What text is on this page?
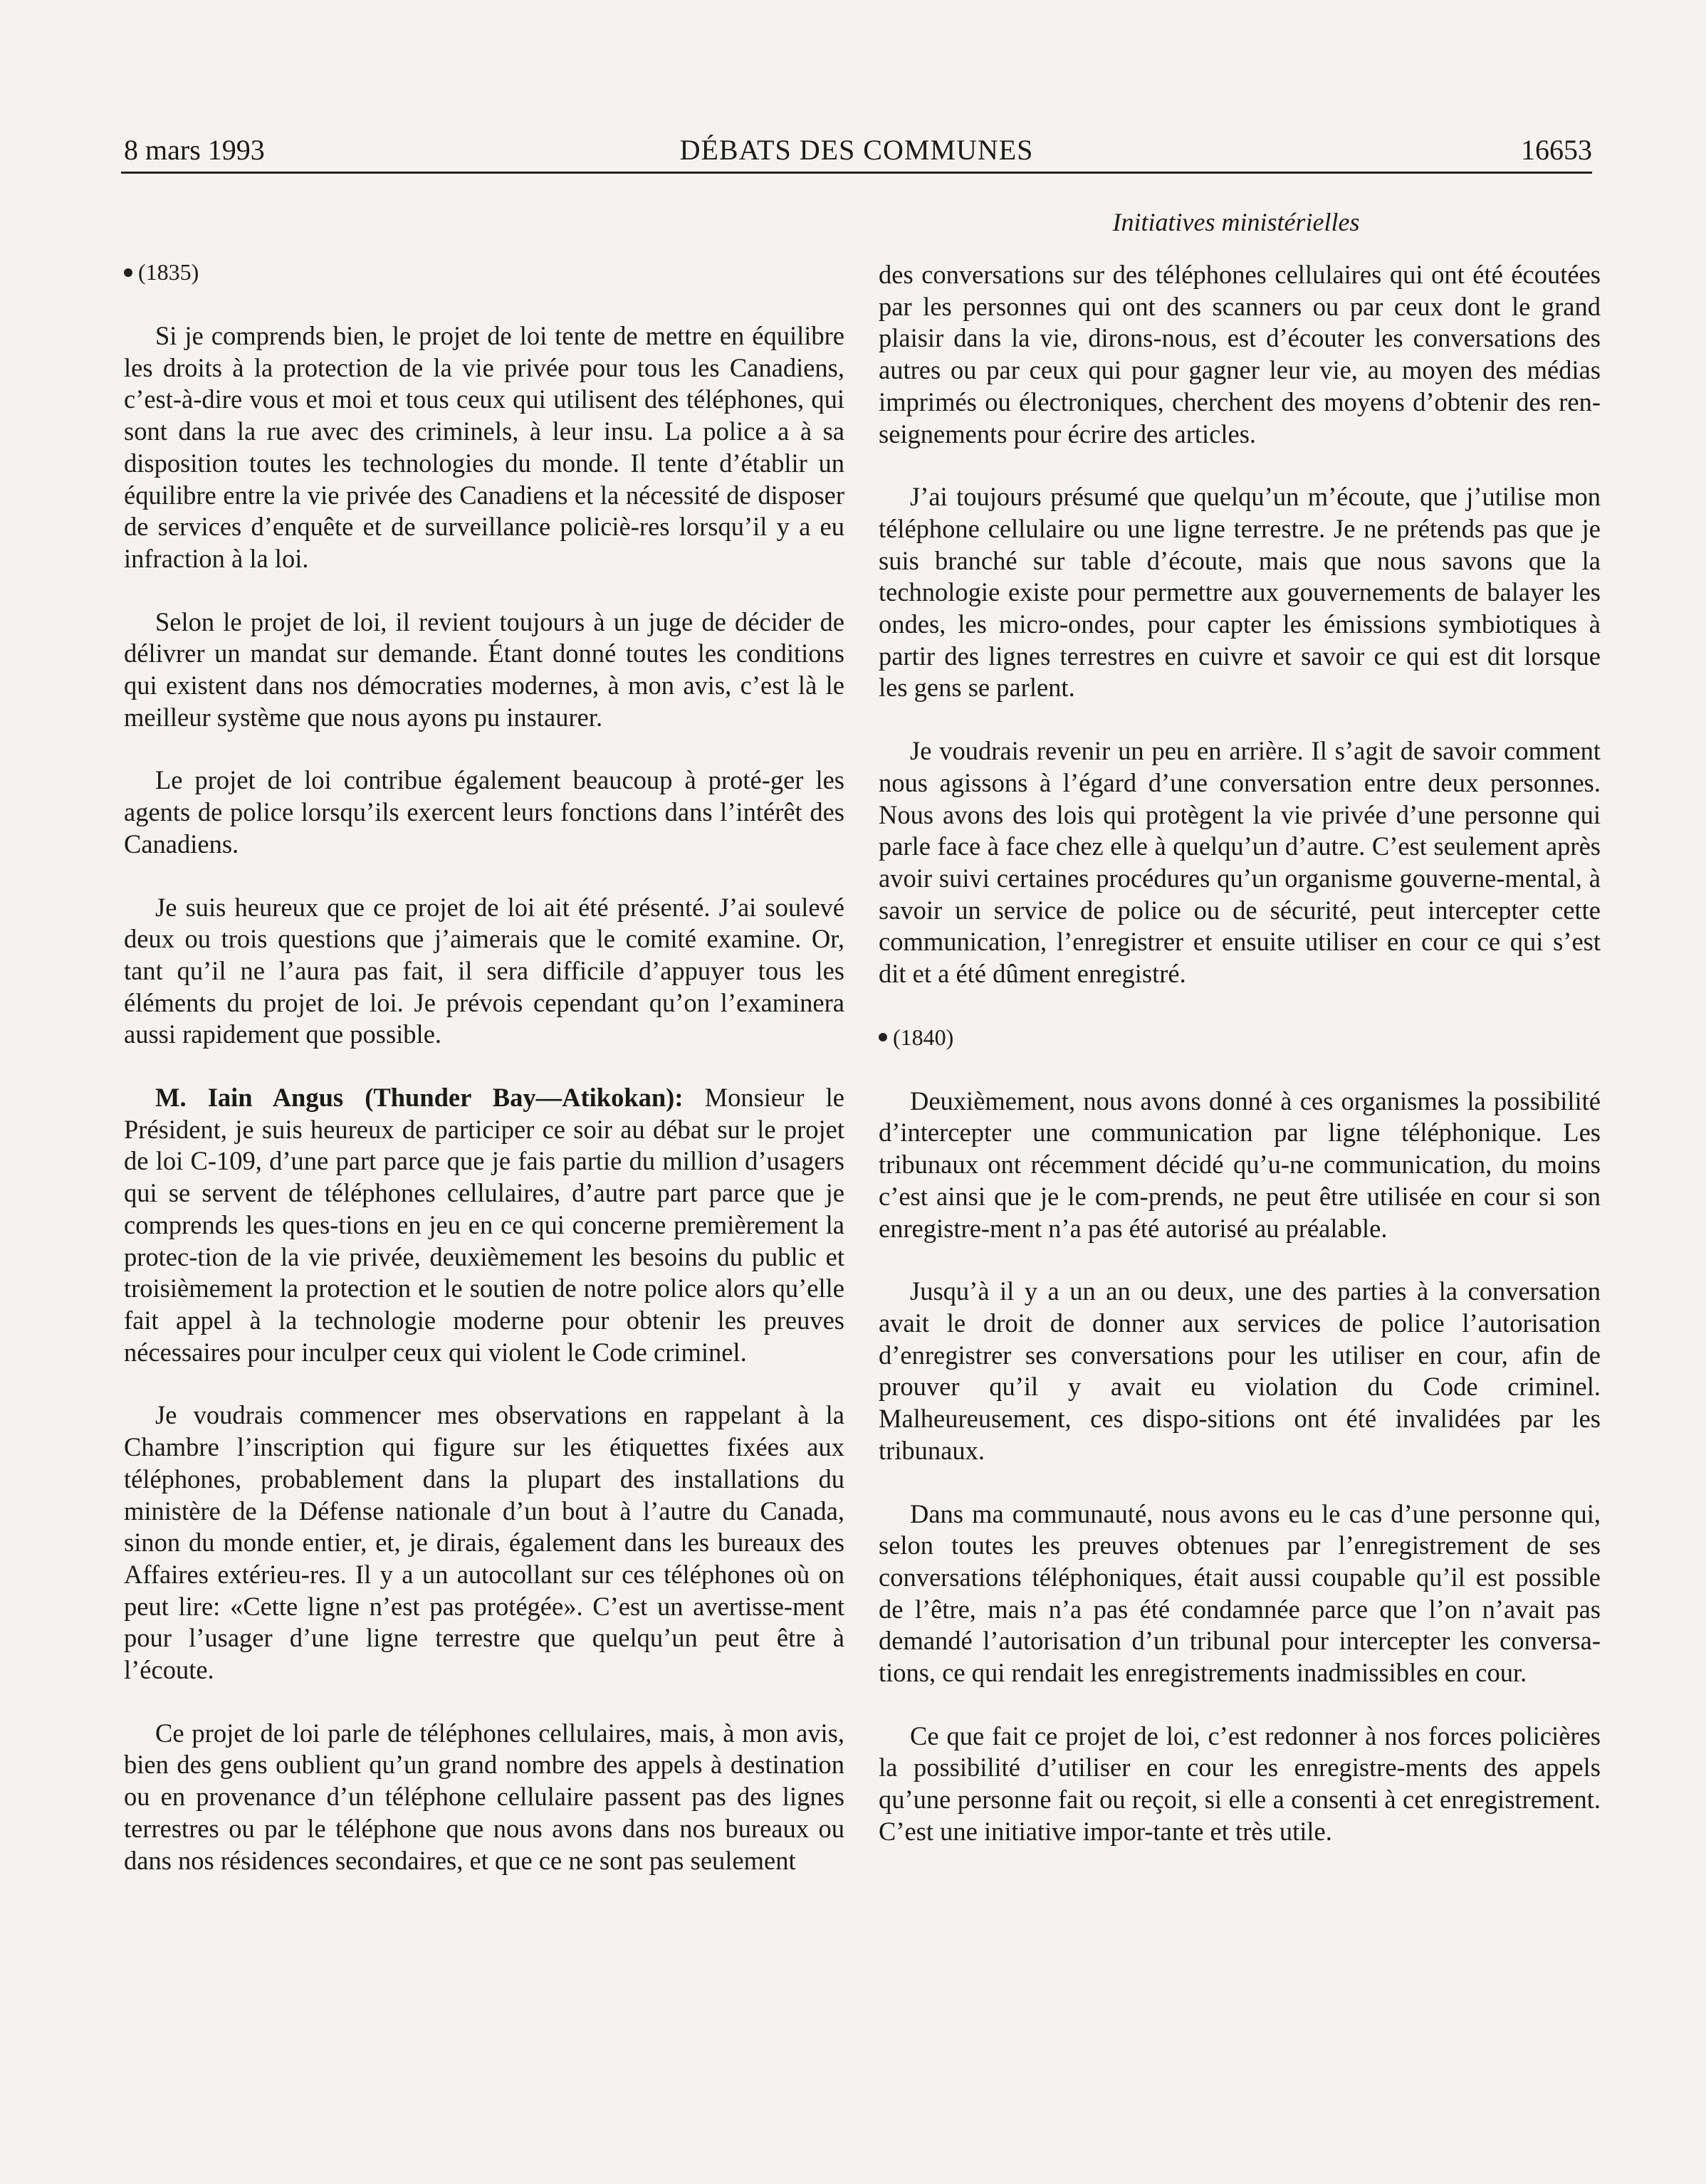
8 mars 1993	DÉBATS DES COMMUNES	16653
Initiatives ministérielles
(1835)

Si je comprends bien, le projet de loi tente de mettre en équilibre les droits à la protection de la vie privée pour tous les Canadiens, c’est-à-dire vous et moi et tous ceux qui utilisent des téléphones, qui sont dans la rue avec des criminels, à leur insu. La police a à sa disposition toutes les technologies du monde. Il tente d’établir un équilibre entre la vie privée des Canadiens et la nécessité de disposer de services d’enquête et de surveillance policiè-res lorsqu’il y a eu infraction à la loi.

Selon le projet de loi, il revient toujours à un juge de décider de délivrer un mandat sur demande. Étant donné toutes les conditions qui existent dans nos démocraties modernes, à mon avis, c’est là le meilleur système que nous ayons pu instaurer.

Le projet de loi contribue également beaucoup à proté-ger les agents de police lorsqu’ils exercent leurs fonctions dans l’intérêt des Canadiens.

Je suis heureux que ce projet de loi ait été présenté. J’ai soulevé deux ou trois questions que j’aimerais que le comité examine. Or, tant qu’il ne l’aura pas fait, il sera difficile d’appuyer tous les éléments du projet de loi. Je prévois cependant qu’on l’examinera aussi rapidement que possible.

M. Iain Angus (Thunder Bay—Atikokan): Monsieur le Président, je suis heureux de participer ce soir au débat sur le projet de loi C-109, d’une part parce que je fais partie du million d’usagers qui se servent de téléphones cellulaires, d’autre part parce que je comprends les ques-tions en jeu en ce qui concerne premièrement la protec-tion de la vie privée, deuxièmement les besoins du public et troisièmement la protection et le soutien de notre police alors qu’elle fait appel à la technologie moderne pour obtenir les preuves nécessaires pour inculper ceux qui violent le Code criminel.

Je voudrais commencer mes observations en rappelant à la Chambre l’inscription qui figure sur les étiquettes fixées aux téléphones, probablement dans la plupart des installations du ministère de la Défense nationale d’un bout à l’autre du Canada, sinon du monde entier, et, je dirais, également dans les bureaux des Affaires extérieu-res. Il y a un autocollant sur ces téléphones où on peut lire: «Cette ligne n’est pas protégée». C’est un avertisse-ment pour l’usager d’une ligne terrestre que quelqu’un peut être à l’écoute.

Ce projet de loi parle de téléphones cellulaires, mais, à mon avis, bien des gens oublient qu’un grand nombre des appels à destination ou en provenance d’un téléphone cellulaire passent pas des lignes terrestres ou par le téléphone que nous avons dans nos bureaux ou dans nos résidences secondaires, et que ce ne sont pas seulement

des conversations sur des téléphones cellulaires qui ont été écoutées par les personnes qui ont des scanners ou par ceux dont le grand plaisir dans la vie, dirons-nous, est d’écouter les conversations des autres ou par ceux qui pour gagner leur vie, au moyen des médias imprimés ou électroniques, cherchent des moyens d’obtenir des ren-seignements pour écrire des articles.

J’ai toujours présumé que quelqu’un m’écoute, que j’utilise mon téléphone cellulaire ou une ligne terrestre. Je ne prétends pas que je suis branché sur table d’écoute, mais que nous savons que la technologie existe pour permettre aux gouvernements de balayer les ondes, les micro-ondes, pour capter les émissions symbiotiques à partir des lignes terrestres en cuivre et savoir ce qui est dit lorsque les gens se parlent.

Je voudrais revenir un peu en arrière. Il s’agit de savoir comment nous agissons à l’égard d’une conversation entre deux personnes. Nous avons des lois qui protègent la vie privée d’une personne qui parle face à face chez elle à quelqu’un d’autre. C’est seulement après avoir suivi certaines procédures qu’un organisme gouverne-mental, à savoir un service de police ou de sécurité, peut intercepter cette communication, l’enregistrer et ensuite utiliser en cour ce qui s’est dit et a été dûment enregistré.

(1840)

Deuxièmement, nous avons donné à ces organismes la possibilité d’intercepter une communication par ligne téléphonique. Les tribunaux ont récemment décidé qu’u-ne communication, du moins c’est ainsi que je le com-prends, ne peut être utilisée en cour si son enregistre-ment n’a pas été autorisé au préalable.

Jusqu’à il y a un an ou deux, une des parties à la conversation avait le droit de donner aux services de police l’autorisation d’enregistrer ses conversations pour les utiliser en cour, afin de prouver qu’il y avait eu violation du Code criminel. Malheureusement, ces dispo-sitions ont été invalidées par les tribunaux.

Dans ma communauté, nous avons eu le cas d’une personne qui, selon toutes les preuves obtenues par l’enregistrement de ses conversations téléphoniques, était aussi coupable qu’il est possible de l’être, mais n’a pas été condamnée parce que l’on n’avait pas demandé l’autorisation d’un tribunal pour intercepter les conversa-tions, ce qui rendait les enregistrements inadmissibles en cour.

Ce que fait ce projet de loi, c’est redonner à nos forces policières la possibilité d’utiliser en cour les enregistre-ments des appels qu’une personne fait ou reçoit, si elle a consenti à cet enregistrement. C’est une initiative impor-tante et très utile.
